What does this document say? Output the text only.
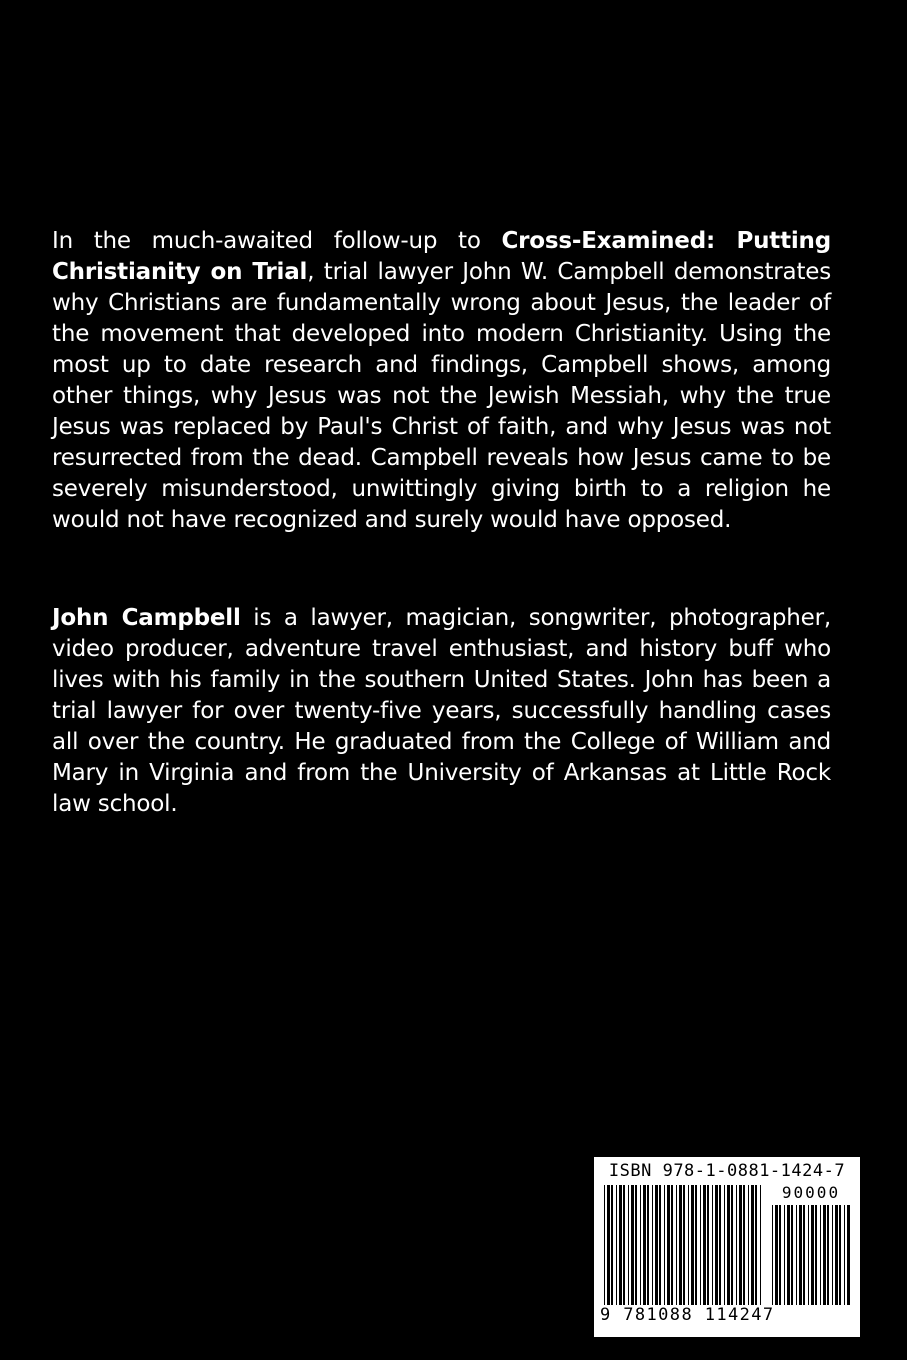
In the much-awaited follow-up to Cross-Examined: Putting Christianity on Trial, trial lawyer John W. Campbell demonstrates why Christians are fundamentally wrong about Jesus, the leader of the movement that developed into modern Christianity. Using the most up to date research and findings, Campbell shows, among other things, why Jesus was not the Jewish Messiah, why the true Jesus was replaced by Paul's Christ of faith, and why Jesus was not resurrected from the dead. Campbell reveals how Jesus came to be severely misunderstood, unwittingly giving birth to a religion he would not have recognized and surely would have opposed.

John Campbell is a lawyer, magician, songwriter, photographer, video producer, adventure travel enthusiast, and history buff who lives with his family in the southern United States. John has been a trial lawyer for over twenty-five years, successfully handling cases all over the country. He graduated from the College of William and Mary in Virginia and from the University of Arkansas at Little Rock law school.

ISBN 978-1-0881-1424-7
90000
9 781088 114247
